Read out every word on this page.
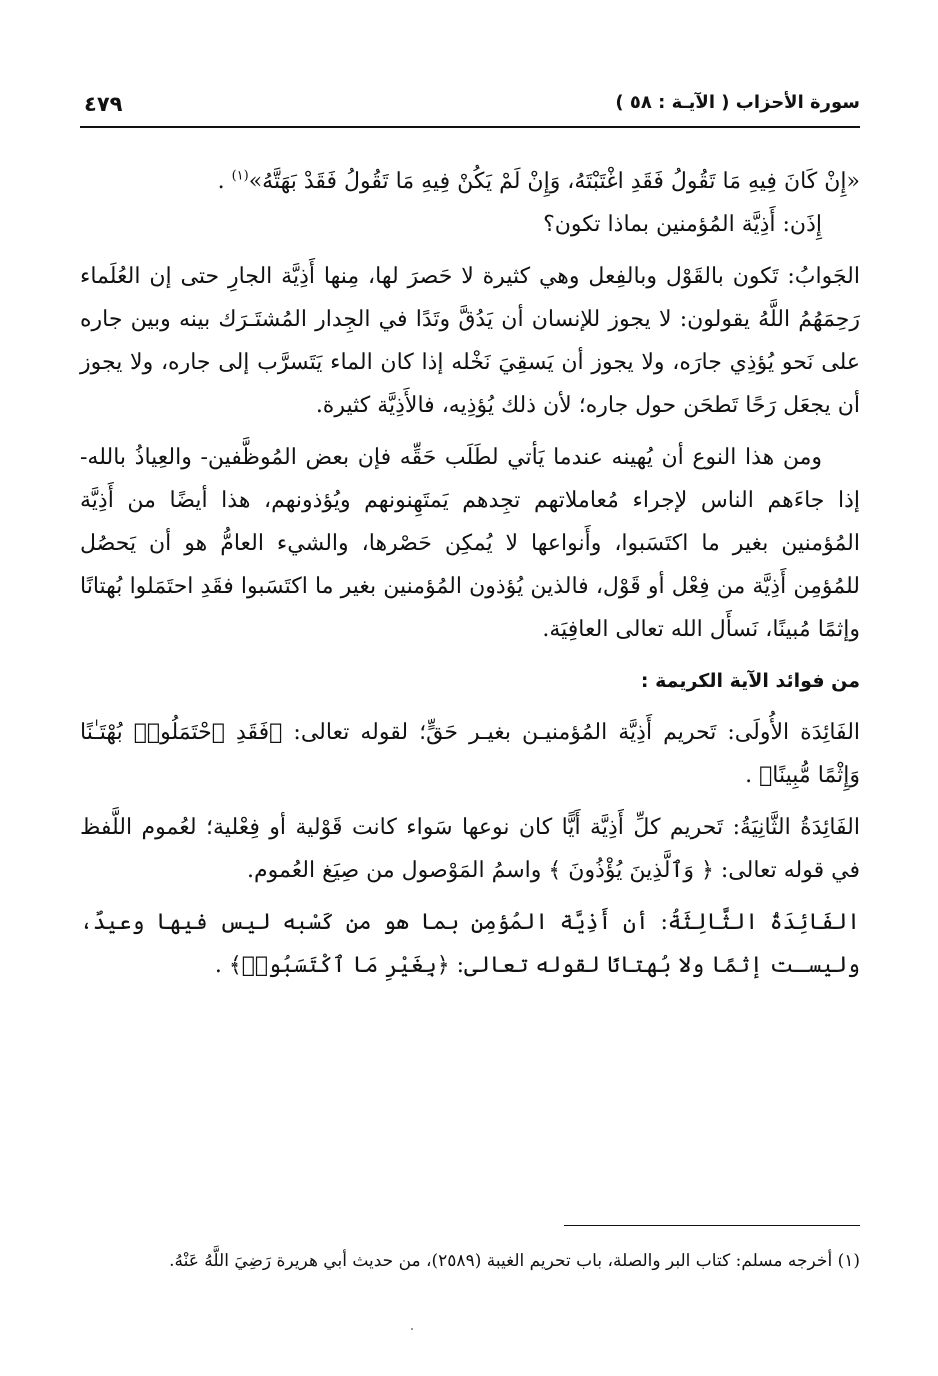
سورة الأحزاب ( الآيـة : ٥٨ )
٤٧٩

«إِنْ كَانَ فِيهِ مَا تَقُولُ فَقَدِ اغْتَبْتَهُ، وَإِنْ لَمْ يَكُنْ فِيهِ مَا تَقُولُ فَقَدْ بَهَتَّهُ»$^{(١)}$ .

إِذَن: أَذِيَّة المُؤمنين بماذا تكون؟

الجَوابُ: تَكون بالقَوْل وبالفِعل وهي كثيرة لا حَصرَ لها، مِنها أَذِيَّة الجارِ حتى إن العُلَماء رَحِمَهُمُ اللَّهُ يقولون: لا يجوز للإنسان أن يَدُقَّ وتَدًا في الجِدار المُشتَـرَك بينه وبين جاره على نَحو يُؤذِي جارَه، ولا يجوز أن يَسقِيَ نَخْله إذا كان الماء يَتَسرَّب إلى جاره، ولا يجوز أن يجعَل رَحًا تَطحَن حول جاره؛ لأن ذلك يُؤذِيه، فالأَذِيَّة كثيرة.

ومن هذا النوع أن يُهينه عندما يَأتي لطَلَب حَقِّه فإن بعض المُوظَّفين- والعِياذُ بالله- إذا جاءَهم الناس لإجراء مُعاملاتهم تجِدهم يَمتَهِنونهم ويُؤذونهم، هذا أيضًا من أَذِيَّة المُؤمنين بغير ما اكتَسَبوا، وأَنواعها لا يُمكِن حَصْرها، والشيء العامُّ هو أن يَحصُل للمُؤمِن أَذِيَّة من فِعْل أو قَوْل، فالذين يُؤذون المُؤمنين بغير ما اكتَسَبوا فقَدِ احتَمَلوا بُهتانًا وإثمًا مُبينًا، نَسأَل الله تعالى العافِيَة.

من فوائد الآية الكريمة :

الفَائِدَة الأُولَى: تَحريم أَذِيَّة المُؤمنيـن بغيـر حَقٍّ؛ لقوله تعالى: ﴿فَقَدِ ٱحْتَمَلُوا۟ بُهْتَـٰنًا وَإِثْمًا مُّبِينًا﴾ .

الفَائِدَةُ الثَّانِيَةُ: تَحريم كلِّ أَذِيَّة أَيًّا كان نوعها سَواء كانت قَوْلية أو فِعْلية؛ لعُموم اللَّفظ في قوله تعالى: ﴿ وَٱلَّذِينَ يُؤْذُونَ ﴾ واسمُ المَوْصول من صِيَغ العُموم.

الفَائِدَةُ الثَّالِثَةُ: أن أَذِيَّة المُؤمِن بما هو من كَسْبه ليس فيها وعيدٌ، وليسـت إثمًا ولا بُهتانًا لقوله تعالى: ﴿بِغَيْرِ مَا ٱكْتَسَبُوا۟﴾ .

(١) أخرجه مسلم: كتاب البر والصلة، باب تحريم الغيبة (٢٥٨٩)، من حديث أبي هريرة رَضِيَ اللَّهُ عَنْهُ.
